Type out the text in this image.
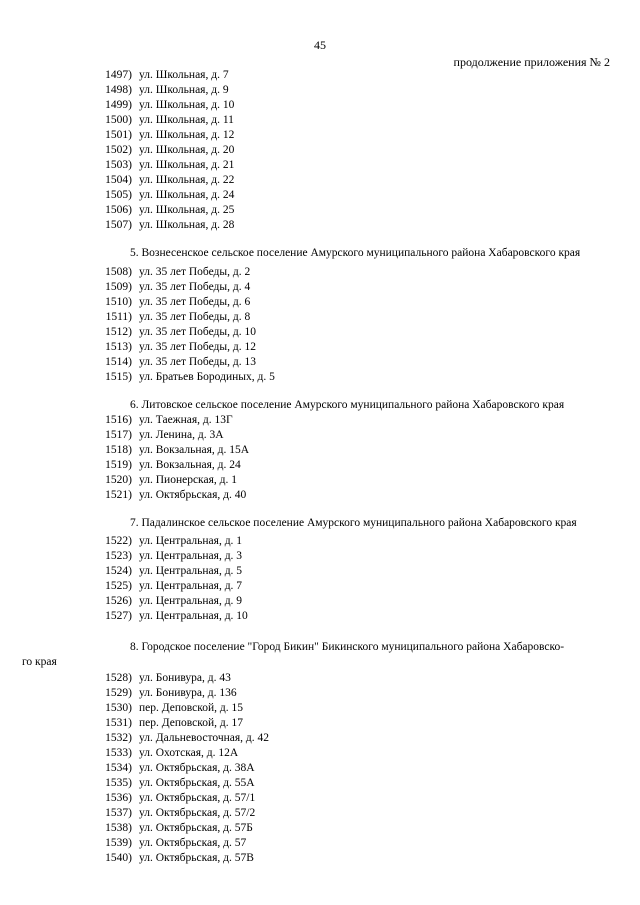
45
продолжение приложения № 2
1497) ул. Школьная, д. 7
1498) ул. Школьная, д. 9
1499) ул. Школьная, д. 10
1500) ул. Школьная, д. 11
1501) ул. Школьная, д. 12
1502) ул. Школьная, д. 20
1503) ул. Школьная, д. 21
1504) ул. Школьная, д. 22
1505) ул. Школьная, д. 24
1506) ул. Школьная, д. 25
1507) ул. Школьная, д. 28
5. Вознесенское сельское поселение Амурского муниципального района Хабаровского края
1508) ул. 35 лет Победы, д. 2
1509) ул. 35 лет Победы, д. 4
1510) ул. 35 лет Победы, д. 6
1511) ул. 35 лет Победы, д. 8
1512) ул. 35 лет Победы, д. 10
1513) ул. 35 лет Победы, д. 12
1514) ул. 35 лет Победы, д. 13
1515) ул. Братьев Бородиных, д. 5
6. Литовское сельское поселение Амурского муниципального района Хабаровского края
1516) ул. Таежная, д. 13Г
1517) ул. Ленина, д. 3А
1518) ул. Вокзальная, д. 15А
1519) ул. Вокзальная, д. 24
1520) ул. Пионерская, д. 1
1521) ул. Октябрьская, д. 40
7. Падалинское сельское поселение Амурского муниципального района Хабаровского края
1522) ул. Центральная, д. 1
1523) ул. Центральная, д. 3
1524) ул. Центральная, д. 5
1525) ул. Центральная, д. 7
1526) ул. Центральная, д. 9
1527) ул. Центральная, д. 10
8. Городское поселение "Город Бикин" Бикинского муниципального района Хабаровско-
го края
1528) ул. Бонивура, д. 43
1529) ул. Бонивура, д. 136
1530) пер. Деповской, д. 15
1531) пер. Деповской, д. 17
1532) ул. Дальневосточная, д. 42
1533) ул. Охотская, д. 12А
1534) ул. Октябрьская, д. 38А
1535) ул. Октябрьская, д. 55А
1536) ул. Октябрьская, д. 57/1
1537) ул. Октябрьская, д. 57/2
1538) ул. Октябрьская, д. 57Б
1539) ул. Октябрьская, д. 57
1540) ул. Октябрьская, д. 57В
